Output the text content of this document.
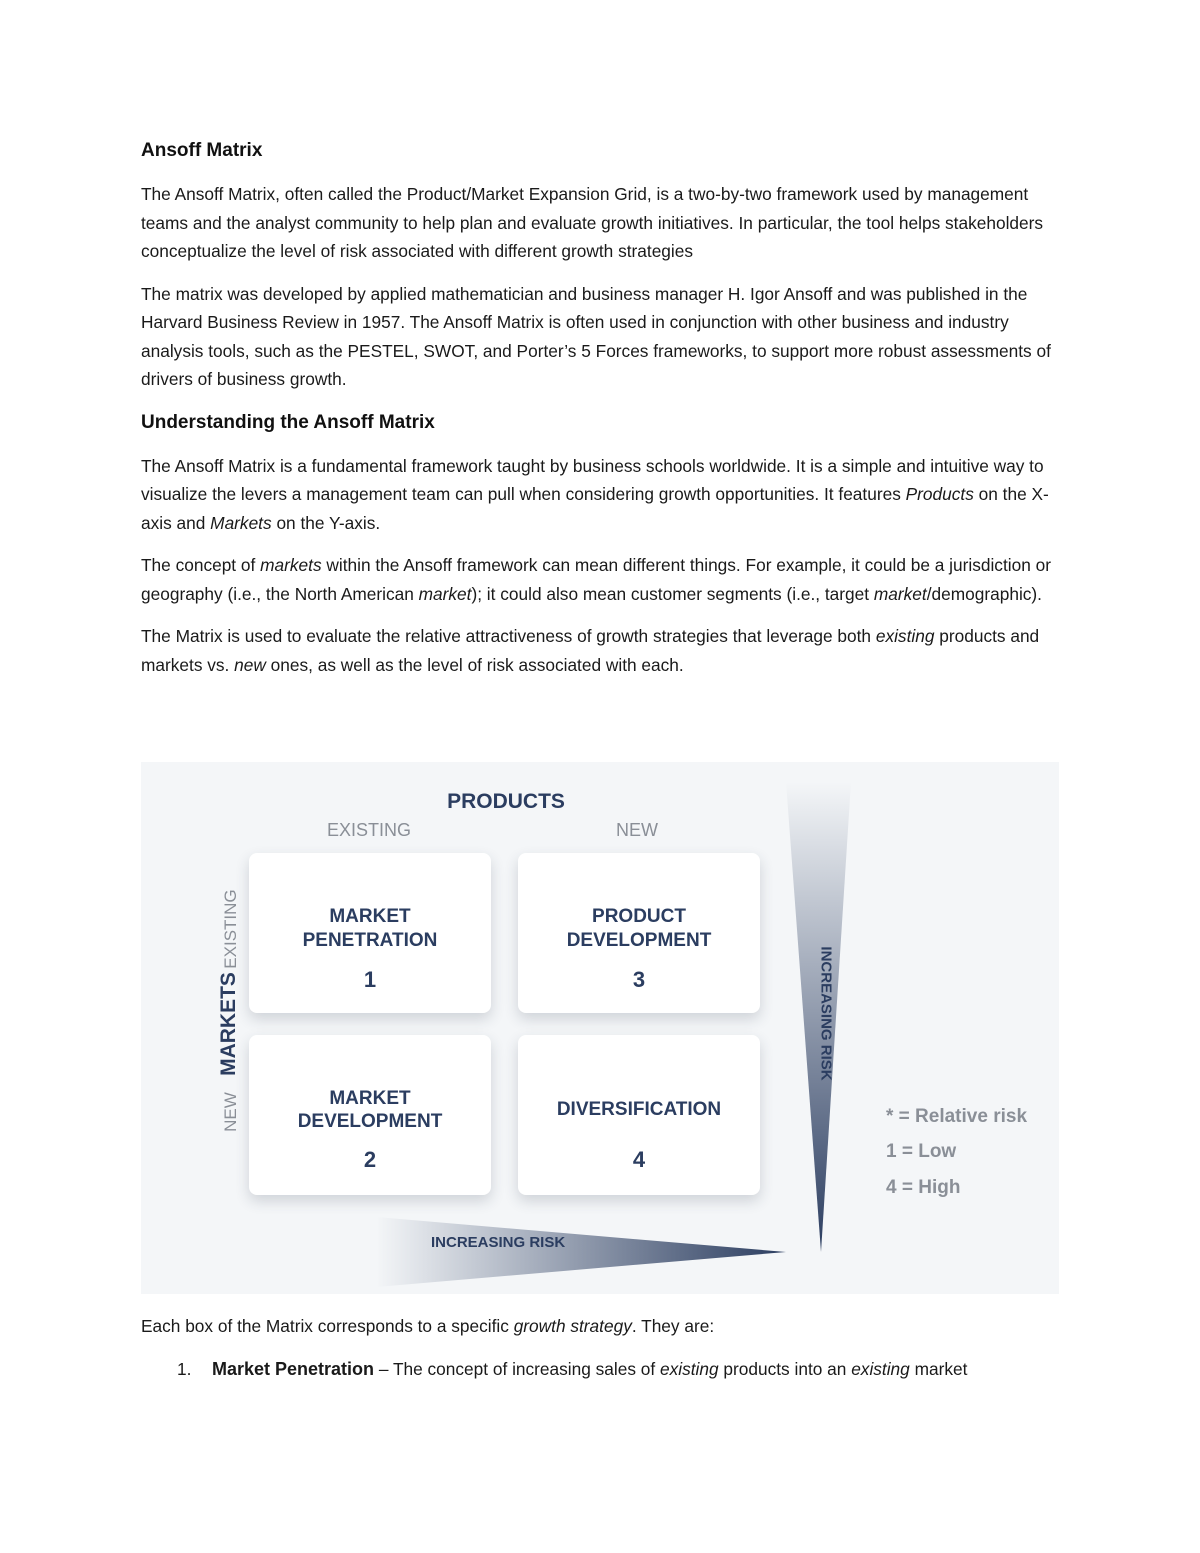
Ansoff Matrix

The Ansoff Matrix, often called the Product/Market Expansion Grid, is a two-by-two framework used by management teams and the analyst community to help plan and evaluate growth initiatives. In particular, the tool helps stakeholders conceptualize the level of risk associated with different growth strategies

The matrix was developed by applied mathematician and business manager H. Igor Ansoff and was published in the Harvard Business Review in 1957. The Ansoff Matrix is often used in conjunction with other business and industry analysis tools, such as the PESTEL, SWOT, and Porter’s 5 Forces frameworks, to support more robust assessments of drivers of business growth.

Understanding the Ansoff Matrix

The Ansoff Matrix is a fundamental framework taught by business schools worldwide. It is a simple and intuitive way to visualize the levers a management team can pull when considering growth opportunities. It features Products on the X-axis and Markets on the Y-axis.

The concept of markets within the Ansoff framework can mean different things. For example, it could be a jurisdiction or geography (i.e., the North American market); it could also mean customer segments (i.e., target market/demographic).

The Matrix is used to evaluate the relative attractiveness of growth strategies that leverage both existing products and markets vs. new ones, as well as the level of risk associated with each.

PRODUCTS
EXISTING	NEW
MARKETS
EXISTING
NEW
MARKET
PENETRATION
1
MARKET
DEVELOPMENT
2
PRODUCT
DEVELOPMENT
3
DIVERSIFICATION
4
INCREASING RISK
INCREASING RISK
* = Relative risk
1 = Low
4 = High

Each box of the Matrix corresponds to a specific growth strategy. They are:

1. Market Penetration – The concept of increasing sales of existing products into an existing market
